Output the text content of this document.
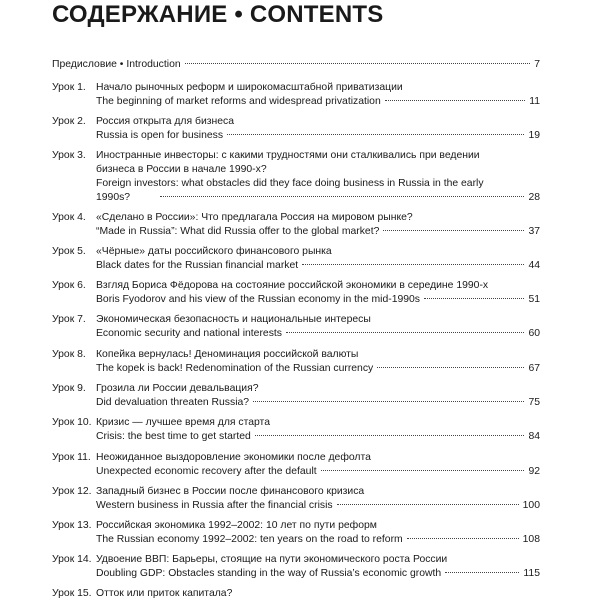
СОДЕРЖАНИЕ • CONTENTS
Предисловие • Introduction	7
Урок 1. Начало рыночных реформ и широкомасштабной приватизации
The beginning of market reforms and widespread privatization	11
Урок 2. Россия открыта для бизнеса
Russia is open for business	19
Урок 3. Иностранные инвесторы: с какими трудностями они сталкивались при ведении бизнеса в России в начале 1990-х?
Foreign investors: what obstacles did they face doing business in Russia in the early 1990s?	28
Урок 4. «Сделано в России»: Что предлагала Россия на мировом рынке?
“Made in Russia”: What did Russia offer to the global market?	37
Урок 5. «Чёрные» даты российского финансового рынка
Black dates for the Russian financial market	44
Урок 6. Взгляд Бориса Фёдорова на состояние российской экономики в середине 1990-х
Boris Fyodorov and his view of the Russian economy in the mid-1990s	51
Урок 7. Экономическая безопасность и национальные интересы
Economic security and national interests	60
Урок 8. Копейка вернулась! Деноминация российской валюты
The kopek is back! Redenomination of the Russian currency	67
Урок 9. Грозила ли России девальвация?
Did devaluation threaten Russia?	75
Урок 10. Кризис — лучшее время для старта
Crisis: the best time to get started	84
Урок 11. Неожиданное выздоровление экономики после дефолта
Unexpected economic recovery after the default	92
Урок 12. Западный бизнес в России после финансового кризиса
Western business in Russia after the financial crisis	100
Урок 13. Российская экономика 1992–2002: 10 лет по пути реформ
The Russian economy 1992–2002: ten years on the road to reform	108
Урок 14. Удвоение ВВП: Барьеры, стоящие на пути экономического роста России
Doubling GDP: Obstacles standing in the way of Russia’s economic growth	115
Урок 15. Отток или приток капитала?
